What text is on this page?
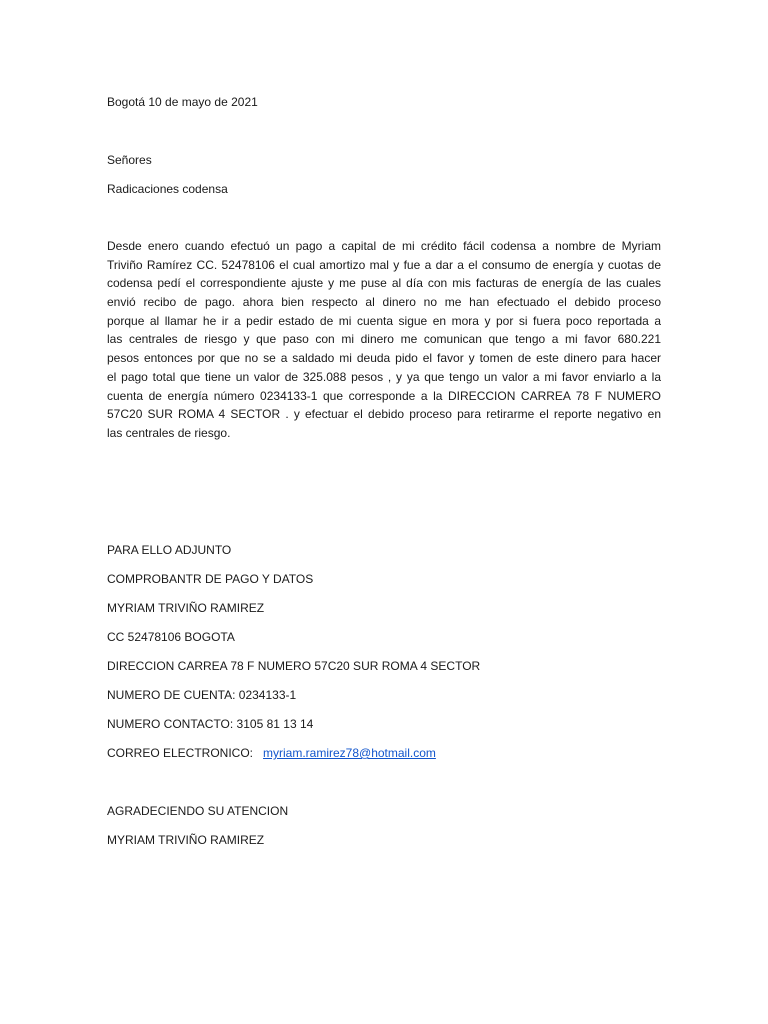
Bogotá 10 de mayo de 2021
Señores
Radicaciones codensa
Desde enero cuando efectuó un pago a capital de mi crédito fácil codensa a nombre de Myriam
Triviño Ramírez CC. 52478106 el cual amortizo mal y fue a dar a el consumo de energía y cuotas de
codensa pedí el correspondiente ajuste y me puse al día con mis facturas de energía de las cuales
envió recibo de pago. ahora bien respecto al dinero no me han efectuado el debido proceso
porque al llamar he ir a pedir estado de mi cuenta sigue en mora y por si fuera poco reportada a
las centrales de riesgo y que paso con mi dinero me comunican que tengo a mi favor 680.221
pesos entonces por que no se a saldado mi deuda pido el favor y tomen de este dinero para hacer
el pago total que tiene un valor de 325.088 pesos , y ya que tengo un valor a mi favor enviarlo a la
cuenta de energía número 0234133-1 que corresponde a la DIRECCION CARREA 78 F NUMERO
57C20 SUR ROMA 4 SECTOR . y efectuar el debido proceso para retirarme el reporte negativo en
las centrales de riesgo.
PARA ELLO ADJUNTO
COMPROBANTR DE PAGO Y DATOS
MYRIAM TRIVIÑO RAMIREZ
CC 52478106 BOGOTA
DIRECCION CARREA 78 F NUMERO 57C20 SUR ROMA 4 SECTOR
NUMERO DE CUENTA: 0234133-1
NUMERO CONTACTO: 3105 81 13 14
CORREO ELECTRONICO: myriam.ramirez78@hotmail.com
AGRADECIENDO SU ATENCION
MYRIAM TRIVIÑO RAMIREZ
